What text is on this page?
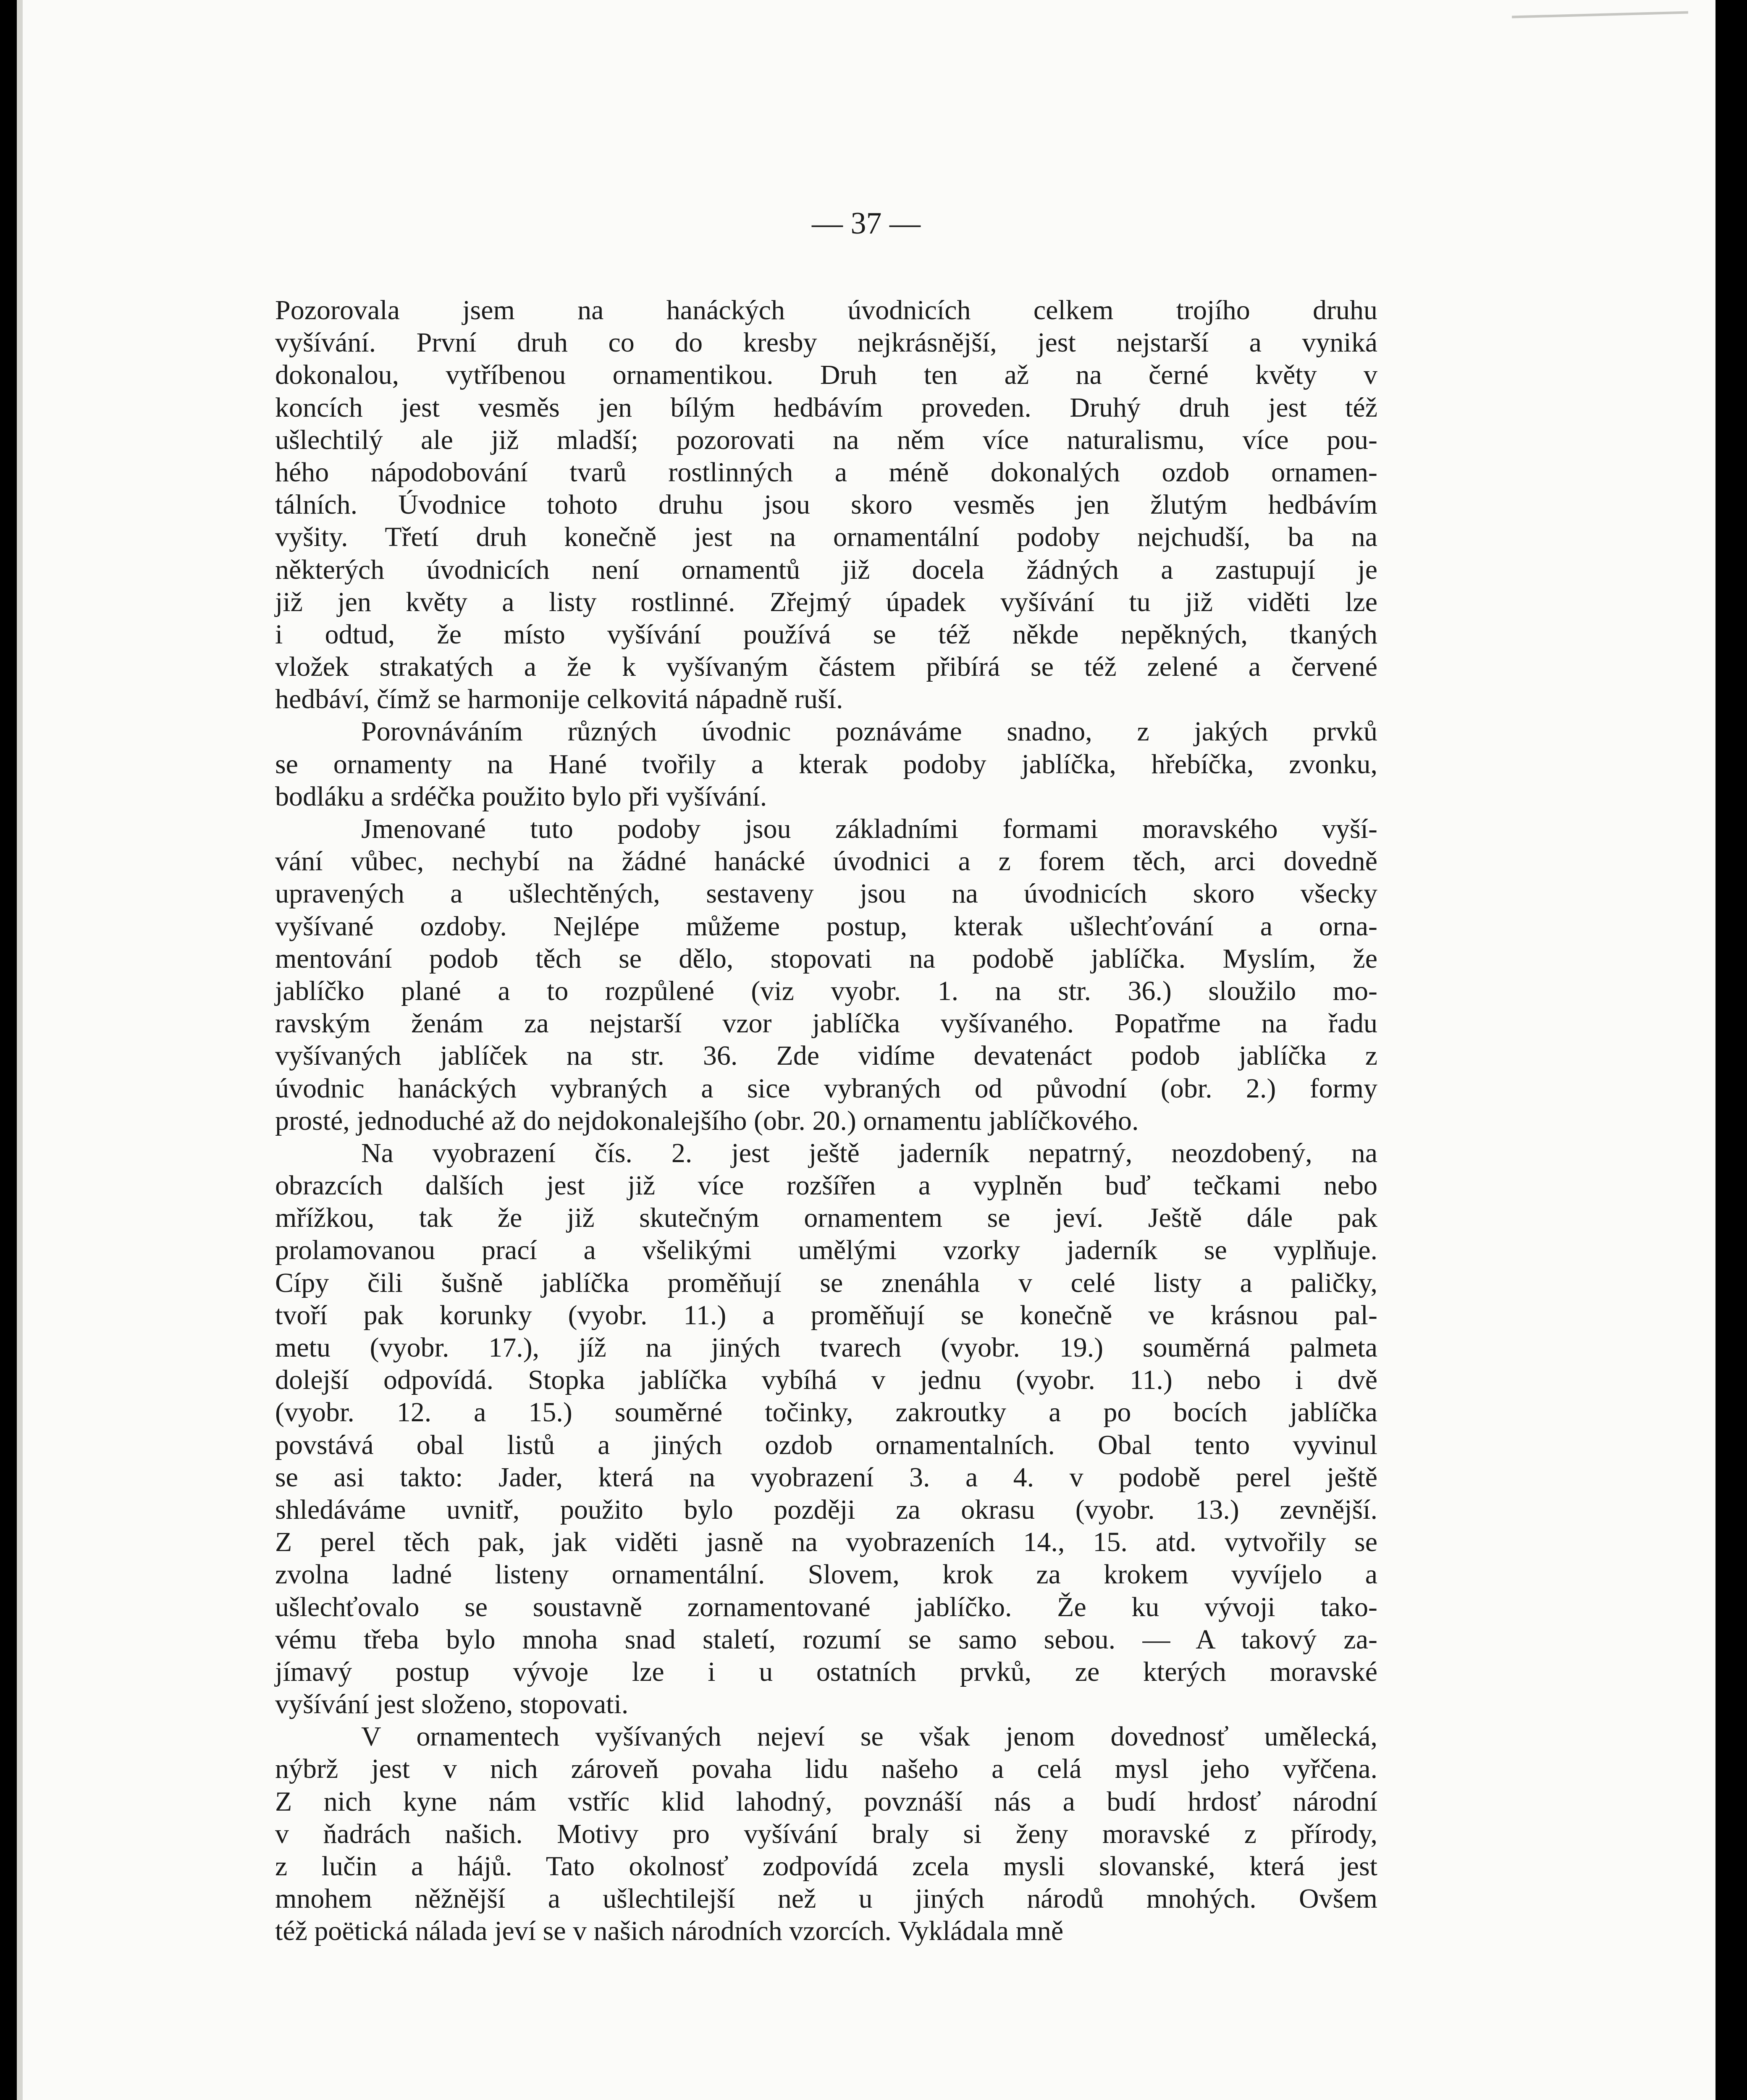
— 37 —

Pozorovala jsem na hanáckých úvodnicích celkem trojího druhu
vyšívání. První druh co do kresby nejkrásnější, jest nejstarší a vyniká
dokonalou, vytříbenou ornamentikou. Druh ten až na černé květy v
koncích jest vesměs jen bílým hedbávím proveden. Druhý druh jest též
ušlechtilý ale již mladší; pozorovati na něm více naturalismu, více pou-
hého nápodobování tvarů rostlinných a méně dokonalých ozdob ornamen-
tálních. Úvodnice tohoto druhu jsou skoro vesměs jen žlutým hedbávím
vyšity. Třetí druh konečně jest na ornamentální podoby nejchudší, ba na
některých úvodnicích není ornamentů již docela žádných a zastupují je
již jen květy a listy rostlinné. Zřejmý úpadek vyšívání tu již viděti lze
i odtud, že místo vyšívání používá se též někde nepěkných, tkaných
vložek strakatých a že k vyšívaným částem přibírá se též zelené a červené
hedbáví, čímž se harmonije celkovitá nápadně ruší.

Porovnáváním různých úvodnic poznáváme snadno, z jakých prvků
se ornamenty na Hané tvořily a kterak podoby jablíčka, hřebíčka, zvonku,
bodláku a srdéčka použito bylo při vyšívání.

Jmenované tuto podoby jsou základními formami moravského vyší-
vání vůbec, nechybí na žádné hanácké úvodnici a z forem těch, arci dovedně
upravených a ušlechtěných, sestaveny jsou na úvodnicích skoro všecky
vyšívané ozdoby. Nejlépe můžeme postup, kterak ušlechťování a orna-
mentování podob těch se dělo, stopovati na podobě jablíčka. Myslím, že
jablíčko plané a to rozpůlené (viz vyobr. 1. na str. 36.) sloužilo mo-
ravským ženám za nejstarší vzor jablíčka vyšívaného. Popatřme na řadu
vyšívaných jablíček na str. 36. Zde vidíme devatenáct podob jablíčka z
úvodnic hanáckých vybraných a sice vybraných od původní (obr. 2.) formy
prosté, jednoduché až do nejdokonalejšího (obr. 20.) ornamentu jablíčkového.

Na vyobrazení čís. 2. jest ještě jaderník nepatrný, neozdobený, na
obrazcích dalších jest již více rozšířen a vyplněn buď tečkami nebo
mřížkou, tak že již skutečným ornamentem se jeví. Ještě dále pak
prolamovanou prací a všelikými umělými vzorky jaderník se vyplňuje.
Cípy čili šušně jablíčka proměňují se znenáhla v celé listy a paličky,
tvoří pak korunky (vyobr. 11.) a proměňují se konečně ve krásnou pal-
metu (vyobr. 17.), jíž na jiných tvarech (vyobr. 19.) souměrná palmeta
dolejší odpovídá. Stopka jablíčka vybíhá v jednu (vyobr. 11.) nebo i dvě
(vyobr. 12. a 15.) souměrné točinky, zakroutky a po bocích jablíčka
povstává obal listů a jiných ozdob ornamentalních. Obal tento vyvinul
se asi takto: Jader, která na vyobrazení 3. a 4. v podobě perel ještě
shledáváme uvnitř, použito bylo později za okrasu (vyobr. 13.) zevnější.
Z perel těch pak, jak viděti jasně na vyobrazeních 14., 15. atd. vytvořily se
zvolna ladné listeny ornamentální. Slovem, krok za krokem vyvíjelo a
ušlechťovalo se soustavně zornamentované jablíčko. Že ku vývoji tako-
vému třeba bylo mnoha snad staletí, rozumí se samo sebou. — A takový za-
jímavý postup vývoje lze i u ostatních prvků, ze kterých moravské
vyšívání jest složeno, stopovati.

V ornamentech vyšívaných nejeví se však jenom dovednosť umělecká,
nýbrž jest v nich zároveň povaha lidu našeho a celá mysl jeho vyřčena.
Z nich kyne nám vstříc klid lahodný, povznáší nás a budí hrdosť národní
v ňadrách našich. Motivy pro vyšívání braly si ženy moravské z přírody,
z lučin a hájů. Tato okolnosť zodpovídá zcela mysli slovanské, která jest
mnohem něžnější a ušlechtilejší než u jiných národů mnohých. Ovšem
též poëtická nálada jeví se v našich národních vzorcích. Vykládala mně
